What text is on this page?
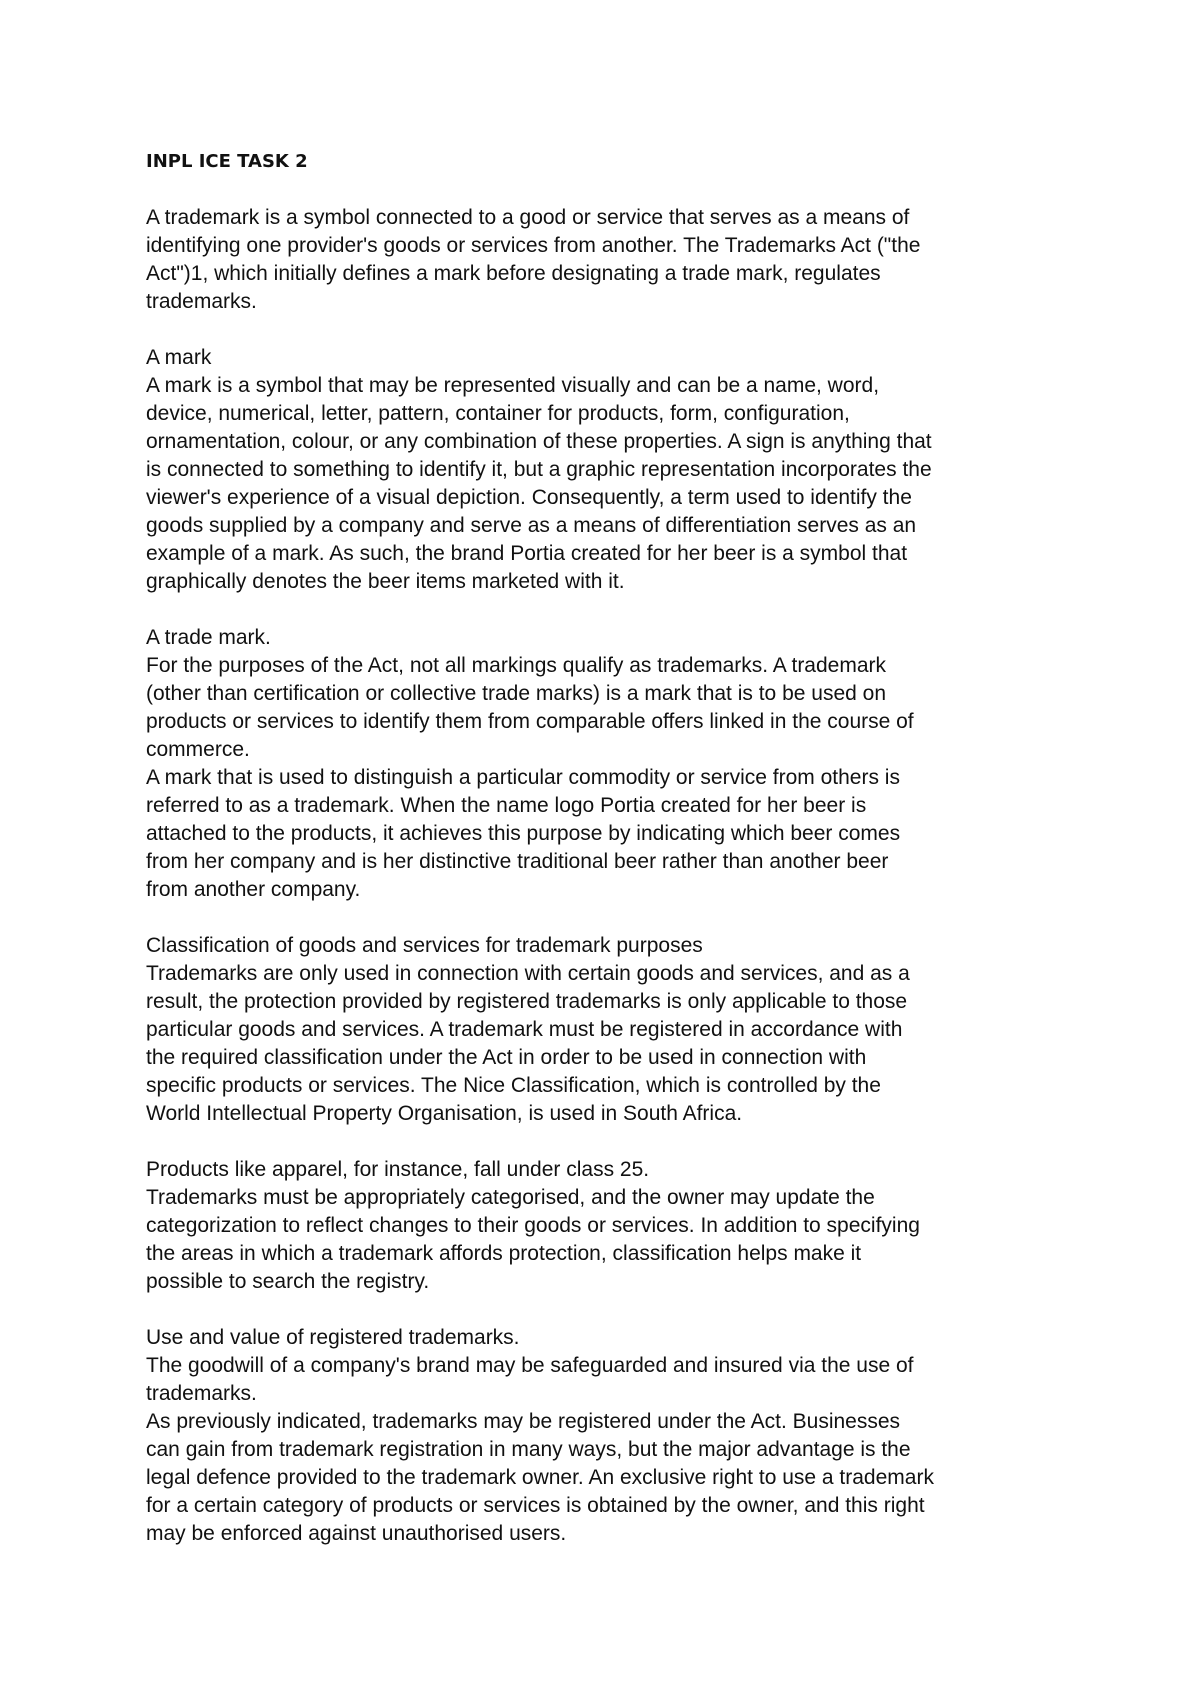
INPL ICE TASK 2
A trademark is a symbol connected to a good or service that serves as a means of
identifying one provider's goods or services from another. The Trademarks Act ("the
Act")1, which initially defines a mark before designating a trade mark, regulates
trademarks.
A mark
A mark is a symbol that may be represented visually and can be a name, word,
device, numerical, letter, pattern, container for products, form, configuration,
ornamentation, colour, or any combination of these properties. A sign is anything that
is connected to something to identify it, but a graphic representation incorporates the
viewer's experience of a visual depiction. Consequently, a term used to identify the
goods supplied by a company and serve as a means of differentiation serves as an
example of a mark. As such, the brand Portia created for her beer is a symbol that
graphically denotes the beer items marketed with it.
A trade mark.
For the purposes of the Act, not all markings qualify as trademarks. A trademark
(other than certification or collective trade marks) is a mark that is to be used on
products or services to identify them from comparable offers linked in the course of
commerce.
A mark that is used to distinguish a particular commodity or service from others is
referred to as a trademark. When the name logo Portia created for her beer is
attached to the products, it achieves this purpose by indicating which beer comes
from her company and is her distinctive traditional beer rather than another beer
from another company.
Classification of goods and services for trademark purposes
Trademarks are only used in connection with certain goods and services, and as a
result, the protection provided by registered trademarks is only applicable to those
particular goods and services. A trademark must be registered in accordance with
the required classification under the Act in order to be used in connection with
specific products or services. The Nice Classification, which is controlled by the
World Intellectual Property Organisation, is used in South Africa.
Products like apparel, for instance, fall under class 25.
Trademarks must be appropriately categorised, and the owner may update the
categorization to reflect changes to their goods or services. In addition to specifying
the areas in which a trademark affords protection, classification helps make it
possible to search the registry.
Use and value of registered trademarks.
The goodwill of a company's brand may be safeguarded and insured via the use of
trademarks.
As previously indicated, trademarks may be registered under the Act. Businesses
can gain from trademark registration in many ways, but the major advantage is the
legal defence provided to the trademark owner. An exclusive right to use a trademark
for a certain category of products or services is obtained by the owner, and this right
may be enforced against unauthorised users.
